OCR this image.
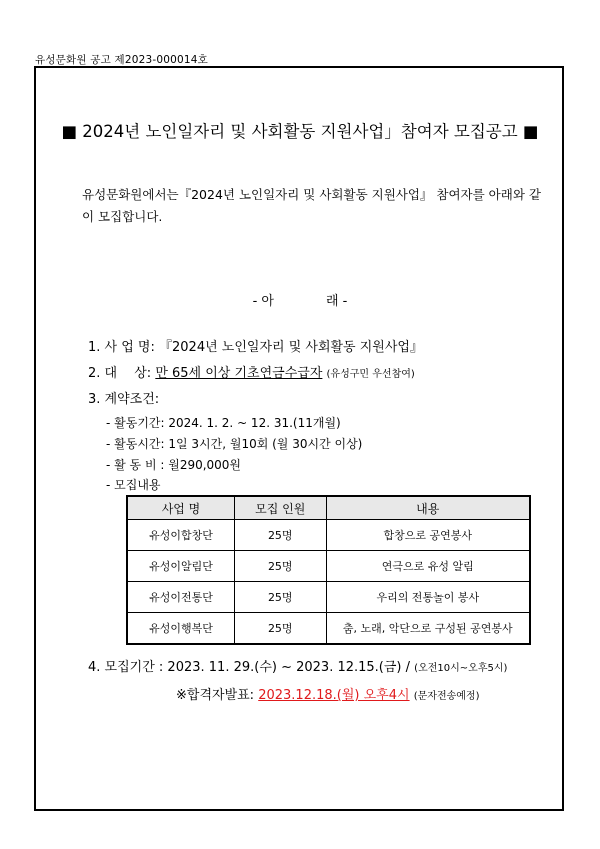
유성문화원 공고 제2023-000014호
■ 2024년 노인일자리 및 사회활동 지원사업」참여자 모집공고 ■
유성문화원에서는『2024년 노인일자리 및 사회활동 지원사업』 참여자를 아래와 같이 모집합니다.
- 아　　　　래 -
1. 사 업 명: 『2024년 노인일자리 및 사회활동 지원사업』
2. 대　 상: 만 65세 이상 기초연금수급자 (유성구민 우선참여)
3. 계약조건:
- 활동기간: 2024. 1. 2. ~ 12. 31.(11개월)
- 활동시간: 1일 3시간, 월10회 (월 30시간 이상)
- 활 동 비 : 월290,000원
- 모집내용
사업 명	모집 인원	내용
유성이합창단	25명	합창으로 공연봉사
유성이알림단	25명	연극으로 유성 알림
유성이전통단	25명	우리의 전통놀이 봉사
유성이행복단	25명	춤, 노래, 악단으로 구성된 공연봉사
4. 모집기간 : 2023. 11. 29.(수) ~ 2023. 12.15.(금) / (오전10시~오후5시)
※합격자발표: 2023.12.18.(월) 오후4시 (문자전송예정)
